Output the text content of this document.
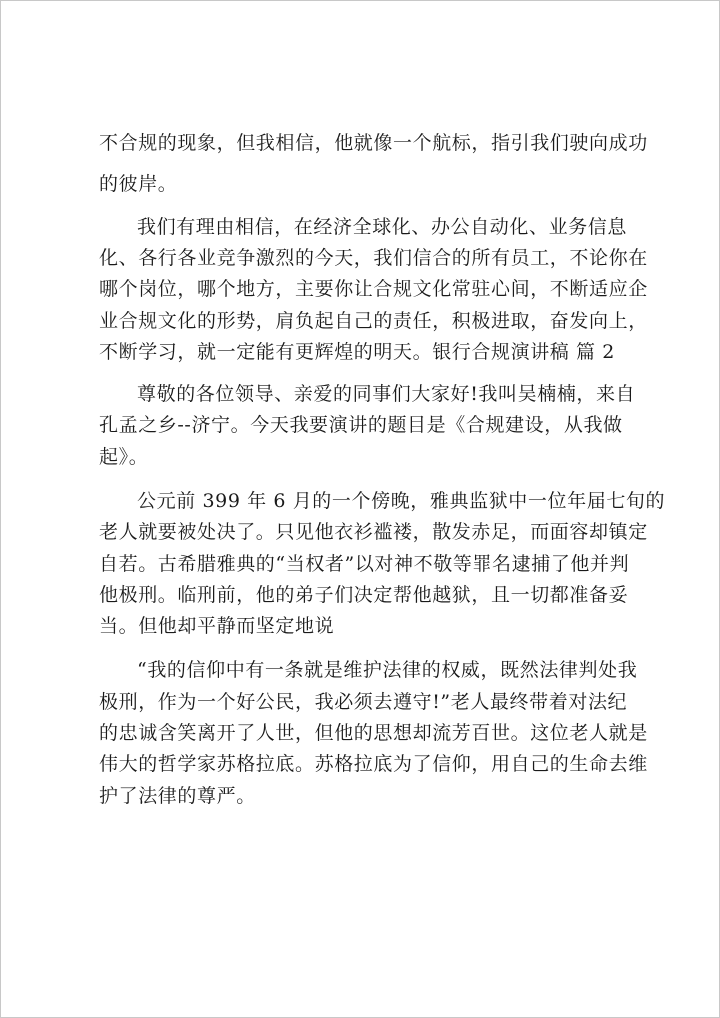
不合规的现象，但我相信，他就像一个航标，指引我们驶向成功
的彼岸。
我们有理由相信，在经济全球化、办公自动化、业务信息
化、各行各业竞争激烈的今天，我们信合的所有员工，不论你在
哪个岗位，哪个地方，主要你让合规文化常驻心间，不断适应企
业合规文化的形势，肩负起自己的责任，积极进取，奋发向上，
不断学习，就一定能有更辉煌的明天。银行合规演讲稿 篇 2
尊敬的各位领导、亲爱的同事们大家好!我叫吴楠楠，来自
孔孟之乡--济宁。今天我要演讲的题目是《合规建设，从我做
起》。
公元前 399 年 6 月的一个傍晚，雅典监狱中一位年届七旬的
老人就要被处决了。只见他衣衫褴褛，散发赤足，而面容却镇定
自若。古希腊雅典的“当权者”以对神不敬等罪名逮捕了他并判
他极刑。临刑前，他的弟子们决定帮他越狱，且一切都准备妥
当。但他却平静而坚定地说
“我的信仰中有一条就是维护法律的权威，既然法律判处我
极刑，作为一个好公民，我必须去遵守!”老人最终带着对法纪
的忠诚含笑离开了人世，但他的思想却流芳百世。这位老人就是
伟大的哲学家苏格拉底。苏格拉底为了信仰，用自己的生命去维
护了法律的尊严。
